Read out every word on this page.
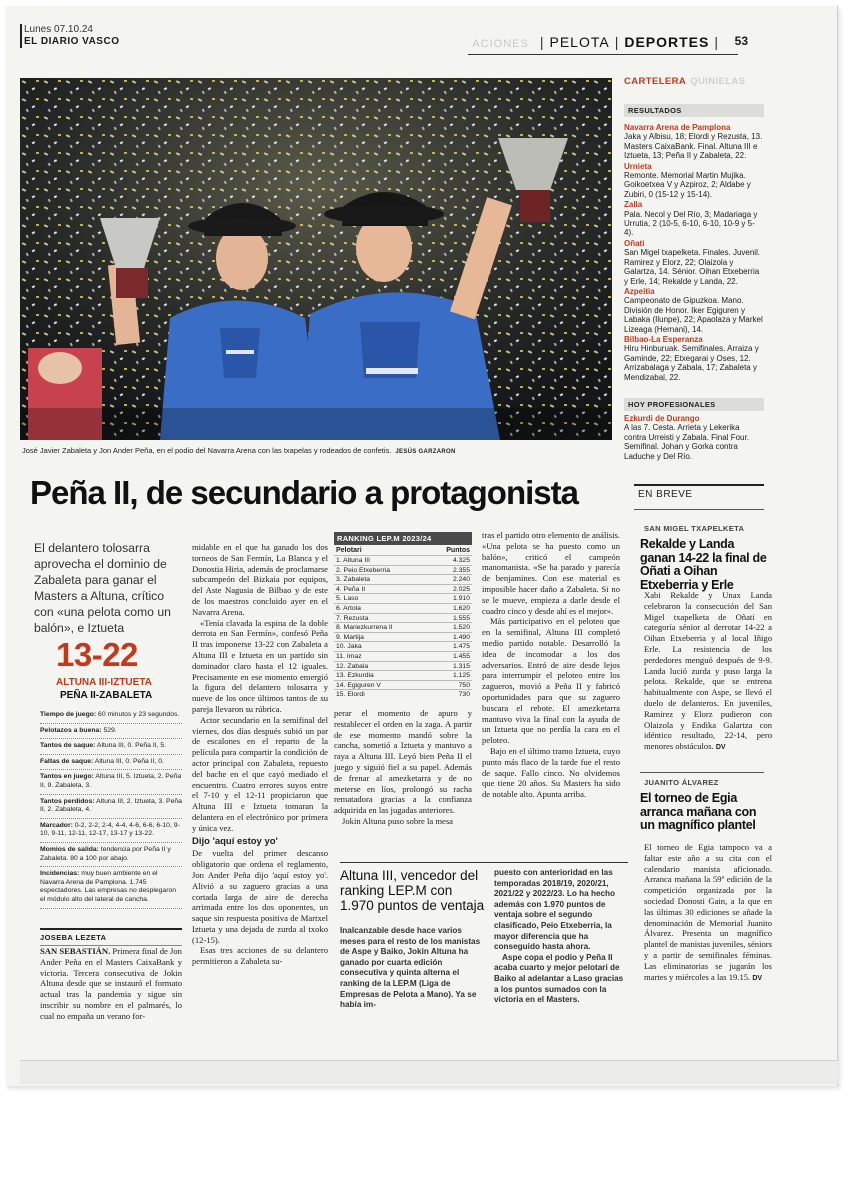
Lunes 07.10.24
EL DIARIO VASCO	ACIONES | PELOTA | DEPORTES |	53
José Javier Zabaleta y Jon Ander Peña, en el podio del Navarra Arena con las txapelas y rodeados de confetis. JESÚS GARZARON
Peña II, de secundario a protagonista
El delantero tolosarra aprovecha el dominio de Zabaleta para ganar el Masters a Altuna, crítico con «una pelota como un balón», e Iztueta
13-22
ALTUNA III-IZTUETA
PEÑA II-ZABALETA
Tiempo de juego: 60 minutos y 23 segundos.
Pelotazos a buena: 529.
Tantos de saque: Altuna III, 0. Peña II, 5.
Faltas de saque: Altuna III, 0. Peña II, 0.
Tantos en juego: Altuna III, 5. Iztueta, 2. Peña II, 9. Zabaleta, 3.
Tantos perdidos: Altuna III, 2. Iztueta, 3. Peña II, 2. Zabaleta, 4.
Marcador: 0-2, 2-2, 2-4, 4-4, 4-6, 6-6, 6-10, 9-10, 9-11, 12-11, 12-17, 13-17 y 13-22.
Momios de salida: tendencia por Peña II y Zabaleta. 80 a 100 por abajo.
Incidencias: muy buen ambiente en el Navarra Arena de Pamplona. 1.745 espectadores. Las empresas no desplegaron el módulo alto del lateral de cancha.
JOSEBA LEZETA

SAN SEBASTIÁN. Primera final de Jon Ander Peña en el Masters CaixaBank y victoria. Tercera consecutiva de Jokin Altuna desde que se instauró el formato actual tras la pandemia y sigue sin inscribir su nombre en el palmarés, lo cual no empaña un verano for-

midable en el que ha ganado los dos torneos de San Fermín, La Blanca y el Donostia Hiria, además de proclamarse subcampeón del Bizkaia por equipos, del Aste Nagusia de Bilbao y de este de los maestros concluido ayer en el Navarra Arena.

«Tenía clavada la espina de la doble derrota en San Fermín», confesó Peña II tras imponerse 13-22 con Zabaleta a Altuna III e Iztueta en un partido sin dominador claro hasta el 12 iguales. Precisamente en ese momento emergió la figura del delantero tolosarra y nueve de los once últimos tantos de su pareja llevaron su rúbrica.

Actor secundario en la semifinal del viernes, dos días después subió un par de escalones en el reparto de la película para compartir la condición de actor principal con Zabaleta, repuesto del bache en el que cayó mediado el encuentro. Cuatro errores suyos entre el 7-10 y el 12-11 propiciaron que Altuna III e Iztueta tomaran la delantera en el electrónico por primera y única vez.

Dijo 'aquí estoy yo'

De vuelta del primer descanso obligatorio que ordena el reglamento, Jon Ander Peña dijo 'aquí estoy yo'. Alivió a su zaguero gracias a una cortada larga de aire de derecha arrimada entre los dos oponentes, un saque sin respuesta positiva de Martxel Iztueta y una dejada de zurda al txoko (12-15).

Esas tres acciones de su delantero permitieron a Zabaleta su-

RANKING LEP.M 2023/24
Pelotari	Puntos
1. Altuna III	4.325
2. Peio Etxeberria	2.355
3. Zabaleta	2.240
4. Peña II	2.025
5. Laso	1.910
6. Artola	1.620
7. Rezusta	1.555
8. Mariezkurrena II	1.520
9. Martija	1.490
10. Jaka	1.475
11. Imaz	1.455
12. Zabala	1.315
13. Ezkurdia	1.125
14. Egiguren V	750
15. Elordi	730

perar el momento de apuro y restablecer el orden en la zaga. A partir de ese momento mandó sobre la cancha, sometió a Iztueta y mantuvo a raya a Altuna III. Leyó bien Peña II el juego y siguió fiel a su papel. Además de frenar al amezketarra y de no meterse en líos, prolongó su racha rematadora gracias a la confianza adquirida en las jugadas anteriores.

Jokin Altuna puso sobre la mesa

tras el partido otro elemento de análisis. «Una pelota se ha puesto como un balón», criticó el campeón manomanista. «Se ha parado y parecía de benjamines. Con ese material es imposible hacer daño a Zabaleta. Si no se le mueve, empieza a darle desde el cuadro cinco y desde ahí es el mejor».

Más participativo en el peloteo que en la semifinal, Altuna III completó medio partido notable. Desarrolló la idea de incomodar a los dos adversarios. Entró de aire desde lejos para interrumpir el peloteo entre los zagueros, movió a Peña II y fabricó oportunidades para que su zaguero buscara el rebote. El amezketarra mantuvo viva la final con la ayuda de un Iztueta que no perdía la cara en el peloteo.

Bajo en el último tramo Iztueta, cuyo punto más flaco de la tarde fue el resto de saque. Fallo cinco. No olvidemos que tiene 20 años. Su Masters ha sido de notable alto. Apunta arriba.

Altuna III, vencedor del ranking LEP.M con 1.970 puntos de ventaja
Inalcanzable desde hace varios meses para el resto de los manistas de Aspe y Baiko, Jokin Altuna ha ganado por cuarta edición consecutiva y quinta alterna el ranking de la LEP.M (Liga de Empresas de Pelota a Mano). Ya se había im-
puesto con anterioridad en las temporadas 2018/19, 2020/21, 2021/22 y 2022/23. Lo ha hecho además con 1.970 puntos de ventaja sobre el segundo clasificado, Peio Etxeberria, la mayor diferencia que ha conseguido hasta ahora.
Aspe copa el podio y Peña II acaba cuarto y mejor pelotari de Baiko al adelantar a Laso gracias a los puntos sumados con la victoria en el Masters.
CARTELERA QUINIELAS
RESULTADOS
Navarra Arena de Pamplona
Jaka y Albisu, 18; Elordi y Rezusta, 13. Masters CaixaBank. Final. Altuna III e Iztueta, 13; Peña II y Zabaleta, 22.
Urnieta
Remonte. Memorial Martin Mujika. Goikoetxea V y Azpiroz, 2; Aldabe y Zubiri, 0 (15-12 y 15-14).
Zalla
Pala. Necol y Del Río, 3; Madariaga y Urrutia, 2 (10-5, 6-10, 6-10, 10-9 y 5-4).
Oñati
San Migel txapelketa. Finales. Juvenil. Ramirez y Elorz, 22; Olaizola y Galartza, 14. Sénior. Oihan Etxeberria y Erle, 14; Rekalde y Landa, 22.
Azpeitia
Campeonato de Gipuzkoa. Mano. División de Honor. Iker Egiguren y Labaka (Ilunpe), 22; Apaolaza y Markel Lizeaga (Hernani), 14.
Bilbao-La Esperanza
Hiru Hinburuak. Semifinales. Arraiza y Gaminde, 22; Etxegarai y Oses, 12. Arrizabalaga y Zabala, 17; Zabaleta y Mendizabal, 22.
HOY PROFESIONALES
Ezkurdi de Durango
A las 7. Cesta. Arrieta y Lekerika contra Urreisti y Zabala. Final Four. Semifinal. Johan y Gorka contra Laduche y Del Río.
EN BREVE
SAN MIGEL TXAPELKETA
Rekalde y Landa ganan 14-22 la final de Oñati a Oihan Etxeberria y Erle
Xabi Rekalde y Unax Landa celebraron la consecución del San Migel txapelketa de Oñati en categoría sénior al derrotar 14-22 a Oihan Etxeberria y al local Iñigo Erle. La resistencia de los perdedores menguó después de 9-9. Landa lució zurda y puso larga la pelota. Rekalde, que se entrena habitualmente con Aspe, se llevó el duelo de delanteros. En juveniles, Ramirez y Elorz pudieron con Olaizola y Endika Galartza con idéntico resultado, 22-14, pero menores obstáculos. DV
JUANITO ÁLVAREZ
El torneo de Egia arranca mañana con un magnífico plantel
El torneo de Egia tampoco va a faltar este año a su cita con el calendario manista aficionado. Arranca mañana la 59ª edición de la competición organizada por la sociedad Donosti Gain, a la que en las últimas 30 ediciones se añade la denominación de Memorial Juanito Álvarez. Presenta un magnífico plantel de manistas juveniles, séniors y a partir de semifinales féminas. Las eliminatorias se jugarán los martes y miércoles a las 19.15. DV
